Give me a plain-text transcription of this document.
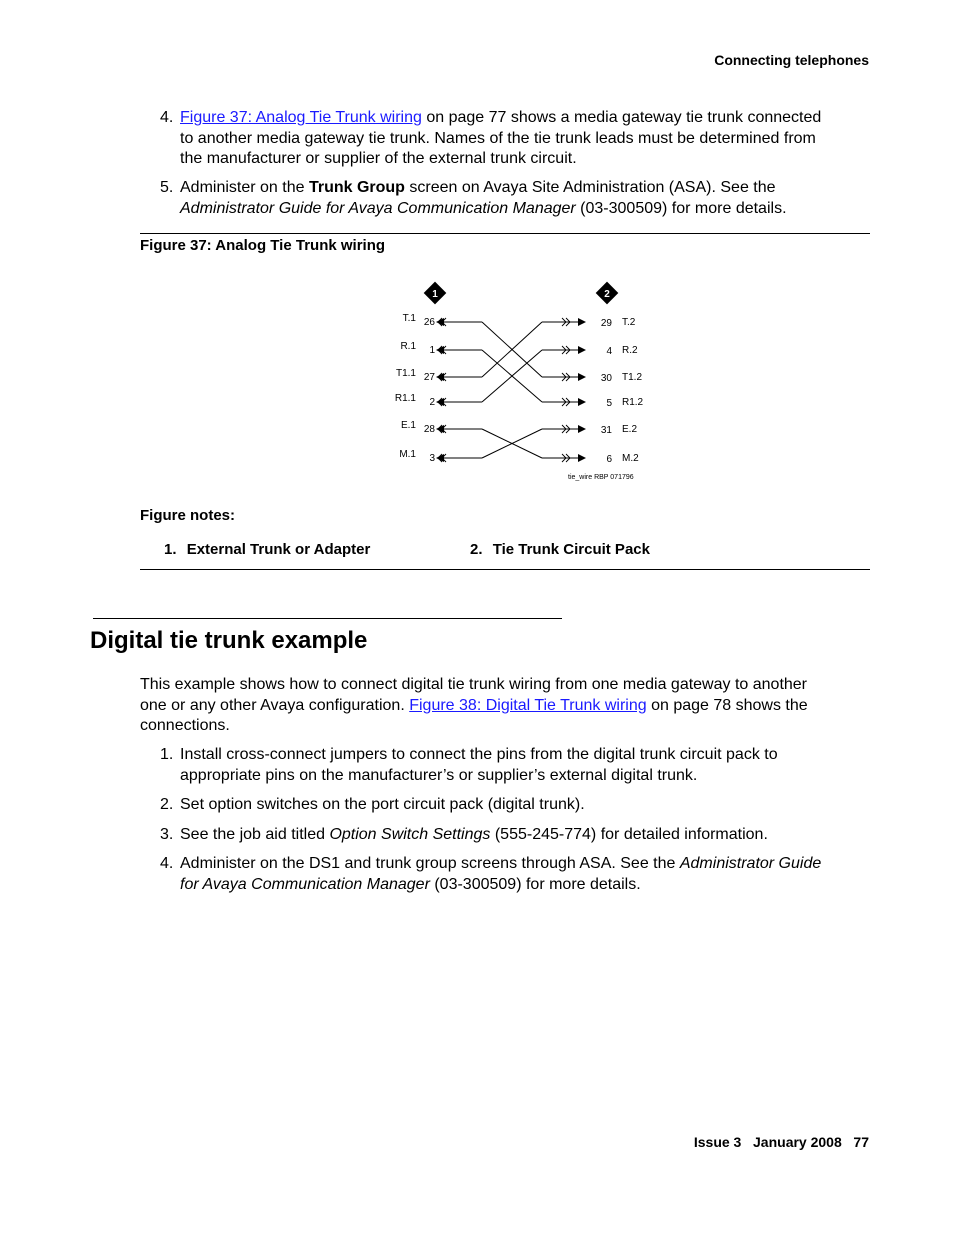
Connecting telephones
4. Figure 37: Analog Tie Trunk wiring on page 77 shows a media gateway tie trunk connected
to another media gateway tie trunk. Names of the tie trunk leads must be determined from
the manufacturer or supplier of the external trunk circuit.
5. Administer on the Trunk Group screen on Avaya Site Administration (ASA). See the
Administrator Guide for Avaya Communication Manager (03-300509) for more details.
Figure 37: Analog Tie Trunk wiring
1	2
T.1 26
R.1 1
T1.1 27
R1.1 2
E.1 28
M.1 3
29 T.2
4 R.2
30 T1.2
5 R1.2
31 E.2
6 M.2
tie_wire RBP 071796
Figure notes:
1. External Trunk or Adapter	2. Tie Trunk Circuit Pack
Digital tie trunk example
This example shows how to connect digital tie trunk wiring from one media gateway to another
one or any other Avaya configuration. Figure 38: Digital Tie Trunk wiring on page 78 shows the
connections.
1. Install cross-connect jumpers to connect the pins from the digital trunk circuit pack to
appropriate pins on the manufacturer’s or supplier’s external digital trunk.
2. Set option switches on the port circuit pack (digital trunk).
3. See the job aid titled Option Switch Settings (555-245-774) for detailed information.
4. Administer on the DS1 and trunk group screens through ASA. See the Administrator Guide
for Avaya Communication Manager (03-300509) for more details.
Issue 3 January 2008 77
